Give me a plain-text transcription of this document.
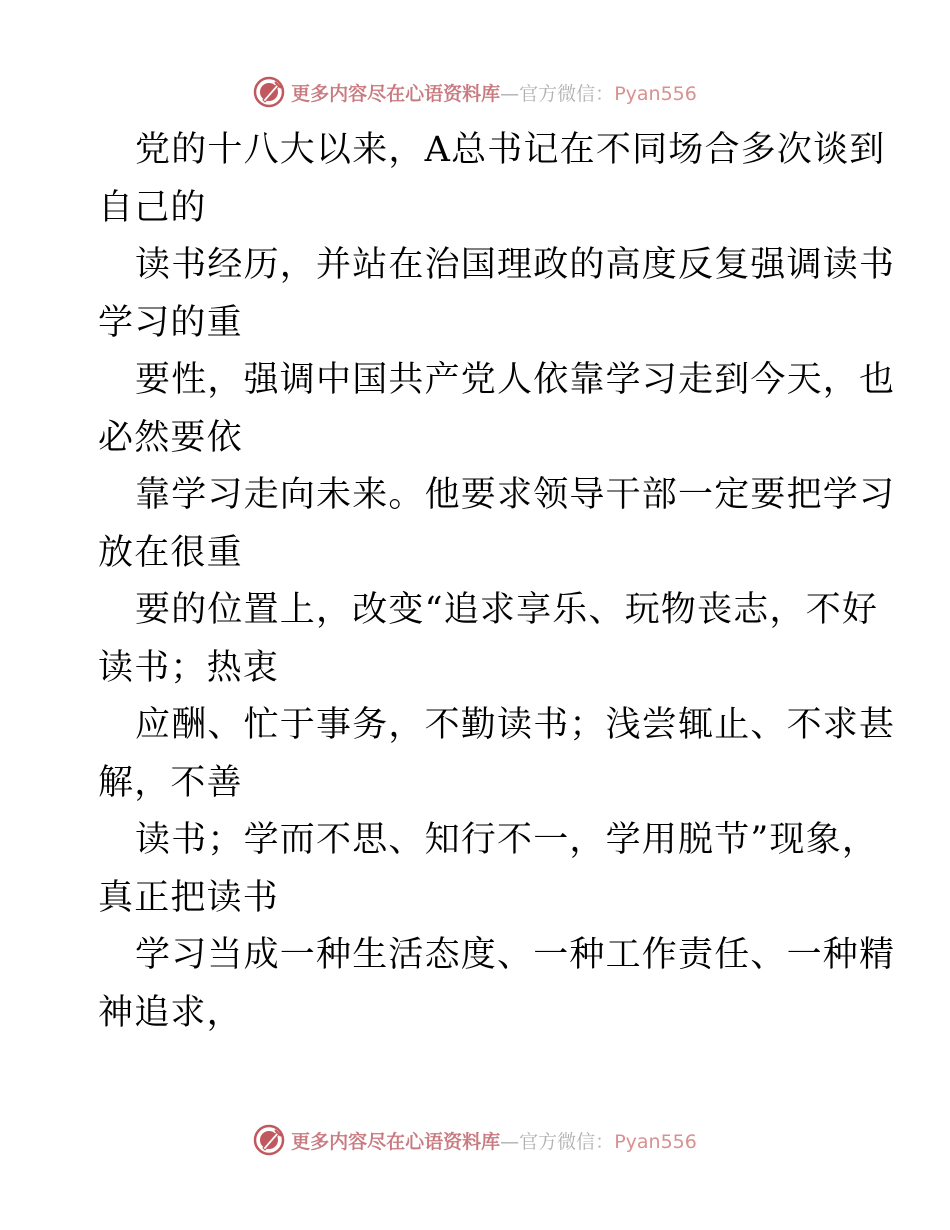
更多内容尽在心语资料库—官方微信：Pyan556
党的十八大以来，A总书记在不同场合多次谈到
自己的
读书经历，并站在治国理政的高度反复强调读书
学习的重
要性，强调中国共产党人依靠学习走到今天，也
必然要依
靠学习走向未来。他要求领导干部一定要把学习
放在很重
要的位置上，改变“追求享乐、玩物丧志，不好
读书；热衷
应酬、忙于事务，不勤读书；浅尝辄止、不求甚
解，不善
读书；学而不思、知行不一，学用脱节”现象，
真正把读书
学习当成一种生活态度、一种工作责任、一种精
神追求，
更多内容尽在心语资料库—官方微信：Pyan556
